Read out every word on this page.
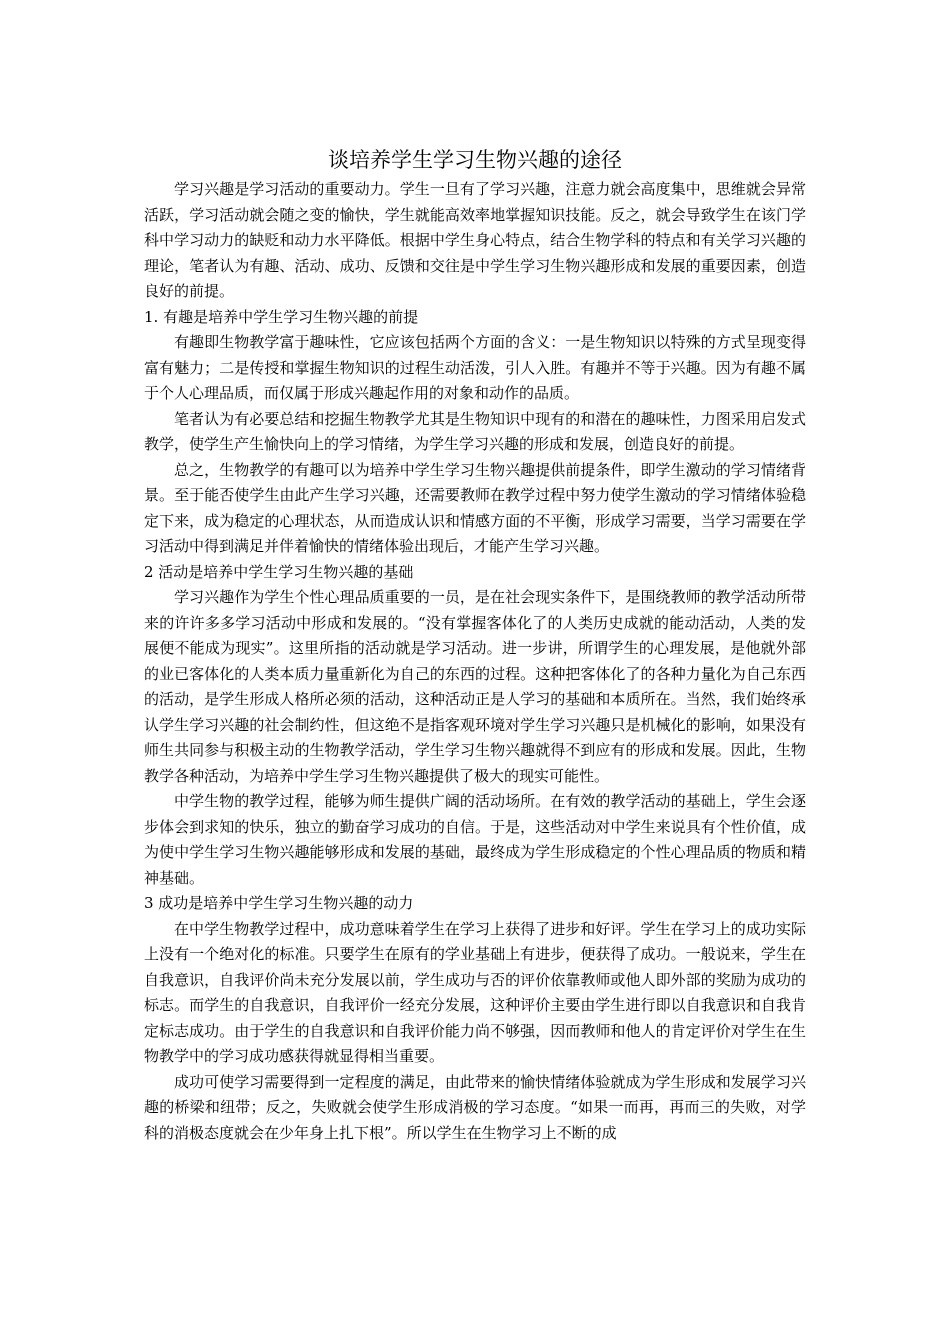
谈培养学生学习生物兴趣的途径

学习兴趣是学习活动的重要动力。学生一旦有了学习兴趣，注意力就会高度集中，思维就会异常活跃，学习活动就会随之变的愉快，学生就能高效率地掌握知识技能。反之，就会导致学生在该门学科中学习动力的缺贬和动力水平降低。根据中学生身心特点，结合生物学科的特点和有关学习兴趣的理论，笔者认为有趣、活动、成功、反馈和交往是中学生学习生物兴趣形成和发展的重要因素，创造良好的前提。

1. 有趣是培养中学生学习生物兴趣的前提

有趣即生物教学富于趣味性，它应该包括两个方面的含义：一是生物知识以特殊的方式呈现变得富有魅力；二是传授和掌握生物知识的过程生动活泼，引人入胜。有趣并不等于兴趣。因为有趣不属于个人心理品质，而仅属于形成兴趣起作用的对象和动作的品质。

笔者认为有必要总结和挖掘生物教学尤其是生物知识中现有的和潜在的趣味性，力图采用启发式教学，使学生产生愉快向上的学习情绪，为学生学习兴趣的形成和发展，创造良好的前提。

总之，生物教学的有趣可以为培养中学生学习生物兴趣提供前提条件，即学生激动的学习情绪背景。至于能否使学生由此产生学习兴趣，还需要教师在教学过程中努力使学生激动的学习情绪体验稳定下来，成为稳定的心理状态，从而造成认识和情感方面的不平衡，形成学习需要，当学习需要在学习活动中得到满足并伴着愉快的情绪体验出现后，才能产生学习兴趣。

2 活动是培养中学生学习生物兴趣的基础

学习兴趣作为学生个性心理品质重要的一员，是在社会现实条件下，是围绕教师的教学活动所带来的许许多多学习活动中形成和发展的。“没有掌握客体化了的人类历史成就的能动活动，人类的发展便不能成为现实”。这里所指的活动就是学习活动。进一步讲，所谓学生的心理发展，是他就外部的业已客体化的人类本质力量重新化为自己的东西的过程。这种把客体化了的各种力量化为自己东西的活动，是学生形成人格所必须的活动，这种活动正是人学习的基础和本质所在。当然，我们始终承认学生学习兴趣的社会制约性，但这绝不是指客观环境对学生学习兴趣只是机械化的影响，如果没有师生共同参与积极主动的生物教学活动，学生学习生物兴趣就得不到应有的形成和发展。因此，生物教学各种活动，为培养中学生学习生物兴趣提供了极大的现实可能性。

中学生物的教学过程，能够为师生提供广阔的活动场所。在有效的教学活动的基础上，学生会逐步体会到求知的快乐，独立的勤奋学习成功的自信。于是，这些活动对中学生来说具有个性价值，成为使中学生学习生物兴趣能够形成和发展的基础，最终成为学生形成稳定的个性心理品质的物质和精神基础。

3 成功是培养中学生学习生物兴趣的动力

在中学生物教学过程中，成功意味着学生在学习上获得了进步和好评。学生在学习上的成功实际上没有一个绝对化的标准。只要学生在原有的学业基础上有进步，便获得了成功。一般说来，学生在自我意识，自我评价尚未充分发展以前，学生成功与否的评价依靠教师或他人即外部的奖励为成功的标志。而学生的自我意识，自我评价一经充分发展，这种评价主要由学生进行即以自我意识和自我肯定标志成功。由于学生的自我意识和自我评价能力尚不够强，因而教师和他人的肯定评价对学生在生物教学中的学习成功感获得就显得相当重要。

成功可使学习需要得到一定程度的满足，由此带来的愉快情绪体验就成为学生形成和发展学习兴趣的桥梁和纽带；反之，失败就会使学生形成消极的学习态度。“如果一而再，再而三的失败，对学科的消极态度就会在少年身上扎下根”。所以学生在生物学习上不断的成
